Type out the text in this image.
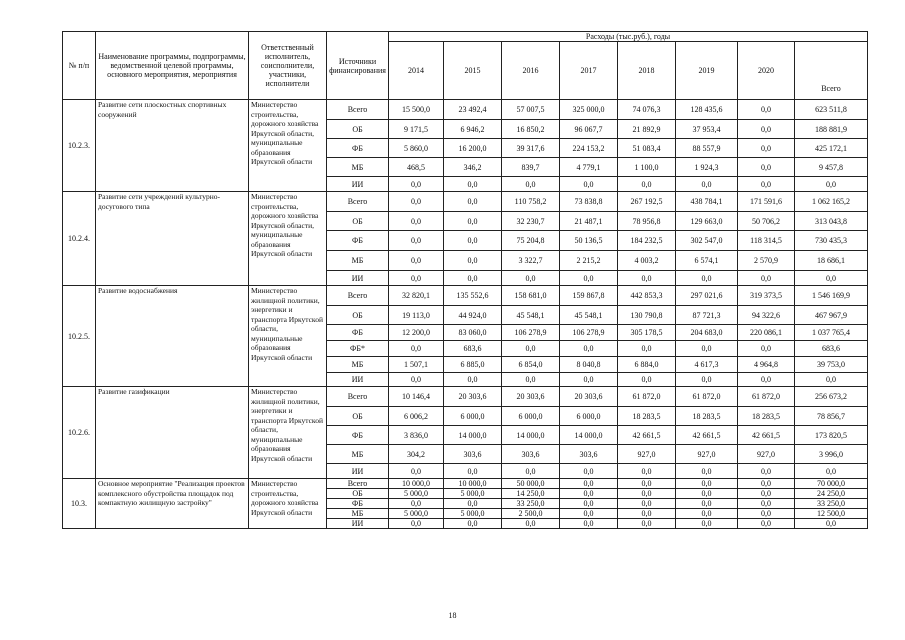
№ п/п	Наименование программы, подпрограммы, ведомственной целевой программы, основного мероприятия, мероприятия	Ответственный исполнитель, соисполнители, участники, исполнители	Источники финансирования	Расходы (тыс.руб.), годы							
				2014	2015	2016	2017	2018	2019	2020	Всего
10.2.3.	Развитие сети плоскостных спортивных сооружений	Министерство строительства, дорожного хозяйства Иркутской области, муниципальные образования Иркутской области	Всего	15 500,0	23 492,4	57 007,5	325 000,0	74 076,3	128 435,6	0,0	623 511,8
			ОБ	9 171,5	6 946,2	16 850,2	96 067,7	21 892,9	37 953,4	0,0	188 881,9
			ФБ	5 860,0	16 200,0	39 317,6	224 153,2	51 083,4	88 557,9	0,0	425 172,1
			МБ	468,5	346,2	839,7	4 779,1	1 100,0	1 924,3	0,0	9 457,8
			ИИ	0,0	0,0	0,0	0,0	0,0	0,0	0,0	0,0
10.2.4.	Развитие сети учреждений культурно-досугового типа	Министерство строительства, дорожного хозяйства Иркутской области, муниципальные образования Иркутской области	Всего	0,0	0,0	110 758,2	73 838,8	267 192,5	438 784,1	171 591,6	1 062 165,2
			ОБ	0,0	0,0	32 230,7	21 487,1	78 956,8	129 663,0	50 706,2	313 043,8
			ФБ	0,0	0,0	75 204,8	50 136,5	184 232,5	302 547,0	118 314,5	730 435,3
			МБ	0,0	0,0	3 322,7	2 215,2	4 003,2	6 574,1	2 570,9	18 686,1
			ИИ	0,0	0,0	0,0	0,0	0,0	0,0	0,0	0,0
10.2.5.	Развитие водоснабжения	Министерство жилищной политики, энергетики и транспорта Иркутской области, муниципальные образования Иркутской области	Всего	32 820,1	135 552,6	158 681,0	159 867,8	442 853,3	297 021,6	319 373,5	1 546 169,9
			ОБ	19 113,0	44 924,0	45 548,1	45 548,1	130 790,8	87 721,3	94 322,6	467 967,9
			ФБ	12 200,0	83 060,0	106 278,9	106 278,9	305 178,5	204 683,0	220 086,1	1 037 765,4
			ФБ*	0,0	683,6	0,0	0,0	0,0	0,0	0,0	683,6
			МБ	1 507,1	6 885,0	6 854,0	8 040,8	6 884,0	4 617,3	4 964,8	39 753,0
			ИИ	0,0	0,0	0,0	0,0	0,0	0,0	0,0	0,0
10.2.6.	Развитие газификации	Министерство жилищной политики, энергетики и транспорта Иркутской области, муниципальные образования Иркутской области	Всего	10 146,4	20 303,6	20 303,6	20 303,6	61 872,0	61 872,0	61 872,0	256 673,2
			ОБ	6 006,2	6 000,0	6 000,0	6 000,0	18 283,5	18 283,5	18 283,5	78 856,7
			ФБ	3 836,0	14 000,0	14 000,0	14 000,0	42 661,5	42 661,5	42 661,5	173 820,5
			МБ	304,2	303,6	303,6	303,6	927,0	927,0	927,0	3 996,0
			ИИ	0,0	0,0	0,0	0,0	0,0	0,0	0,0	0,0
10.3.	Основное мероприятие "Реализация проектов комплексного обустройства площадок под компактную жилищную застройку"	Министерство строительства, дорожного хозяйства Иркутской области	Всего	10 000,0	10 000,0	50 000,0	0,0	0,0	0,0	0,0	70 000,0
			ОБ	5 000,0	5 000,0	14 250,0	0,0	0,0	0,0	0,0	24 250,0
			ФБ	0,0	0,0	33 250,0	0,0	0,0	0,0	0,0	33 250,0
			МБ	5 000,0	5 000,0	2 500,0	0,0	0,0	0,0	0,0	12 500,0
			ИИ	0,0	0,0	0,0	0,0	0,0	0,0	0,0	0,0
18
